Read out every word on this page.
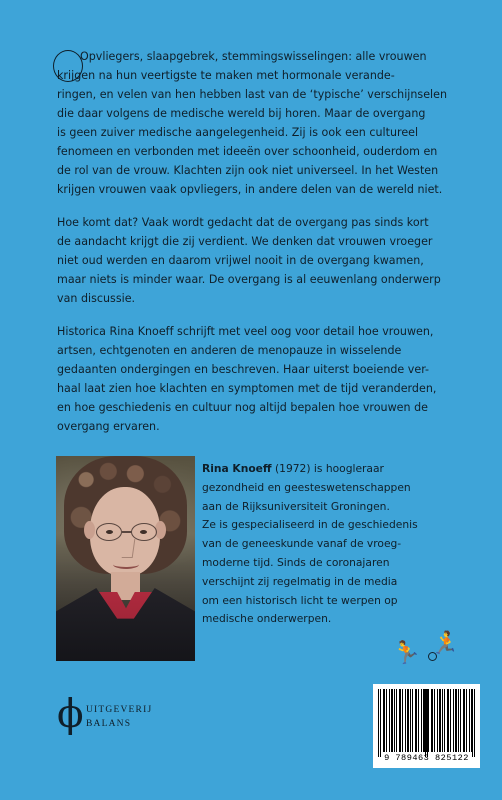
Opvliegers, slaapgebrek, stemmingswisselingen: alle vrouwen
krijgen na hun veertigste te maken met hormonale verande-
ringen, en velen van hen hebben last van de ‘typische’ verschijnselen
die daar volgens de medische wereld bij horen. Maar de overgang
is geen zuiver medische aangelegenheid. Zij is ook een cultureel
fenomeen en verbonden met ideeën over schoonheid, ouderdom en
de rol van de vrouw. Klachten zijn ook niet universeel. In het Westen
krijgen vrouwen vaak opvliegers, in andere delen van de wereld niet.
Hoe komt dat? Vaak wordt gedacht dat de overgang pas sinds kort
de aandacht krijgt die zij verdient. We denken dat vrouwen vroeger
niet oud werden en daarom vrijwel nooit in de overgang kwamen,
maar niets is minder waar. De overgang is al eeuwenlang onderwerp
van discussie.
Historica Rina Knoeff schrijft met veel oog voor detail hoe vrouwen,
artsen, echtgenoten en anderen de menopauze in wisselende
gedaanten ondergingen en beschreven. Haar uiterst boeiende ver-
haal laat zien hoe klachten en symptomen met de tijd veranderden,
en hoe geschiedenis en cultuur nog altijd bepalen hoe vrouwen de
overgang ervaren.
Rina Knoeff (1972) is hoogleraar
gezondheid en geesteswetenschappen
aan de Rijksuniversiteit Groningen.
Ze is gespecialiseerd in de geschiedenis
van de geneeskunde vanaf de vroeg-
moderne tijd. Sinds de coronajaren
verschijnt zij regelmatig in de media
om een historisch licht te werpen op
medische onderwerpen.
🏃 🏃
ϕ UITGEVERIJ
BALANS
9 789463 825122
